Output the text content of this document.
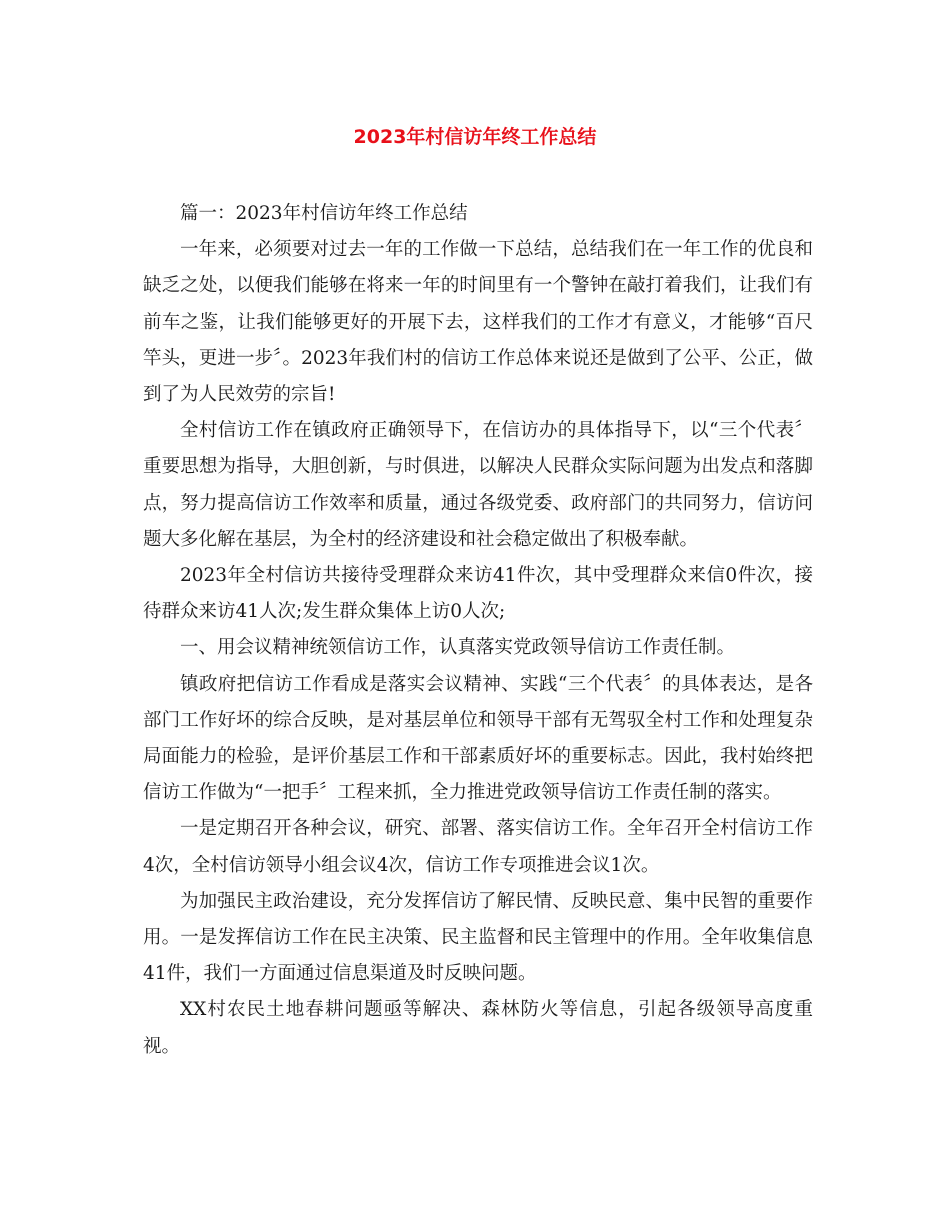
2023年村信访年终工作总结

篇一：2023年村信访年终工作总结

一年来，必须要对过去一年的工作做一下总结，总结我们在一年工作的优良和缺乏之处，以便我们能够在将来一年的时间里有一个警钟在敲打着我们，让我们有前车之鉴，让我们能够更好的开展下去，这样我们的工作才有意义，才能够“百尺竿头，更进一步〞。2023年我们村的信访工作总体来说还是做到了公平、公正，做到了为人民效劳的宗旨!

全村信访工作在镇政府正确领导下，在信访办的具体指导下，以“三个代表〞重要思想为指导，大胆创新，与时俱进，以解决人民群众实际问题为出发点和落脚点，努力提高信访工作效率和质量，通过各级党委、政府部门的共同努力，信访问题大多化解在基层，为全村的经济建设和社会稳定做出了积极奉献。

2023年全村信访共接待受理群众来访41件次，其中受理群众来信0件次，接待群众来访41人次;发生群众集体上访0人次;

一、用会议精神统领信访工作，认真落实党政领导信访工作责任制。

镇政府把信访工作看成是落实会议精神、实践“三个代表〞的具体表达，是各部门工作好坏的综合反映，是对基层单位和领导干部有无驾驭全村工作和处理复杂局面能力的检验，是评价基层工作和干部素质好坏的重要标志。因此，我村始终把信访工作做为“一把手〞工程来抓，全力推进党政领导信访工作责任制的落实。

一是定期召开各种会议，研究、部署、落实信访工作。全年召开全村信访工作4次，全村信访领导小组会议4次，信访工作专项推进会议1次。

为加强民主政治建设，充分发挥信访了解民情、反映民意、集中民智的重要作用。一是发挥信访工作在民主决策、民主监督和民主管理中的作用。全年收集信息41件，我们一方面通过信息渠道及时反映问题。

XX村农民土地春耕问题亟等解决、森林防火等信息，引起各级领导高度重视。
